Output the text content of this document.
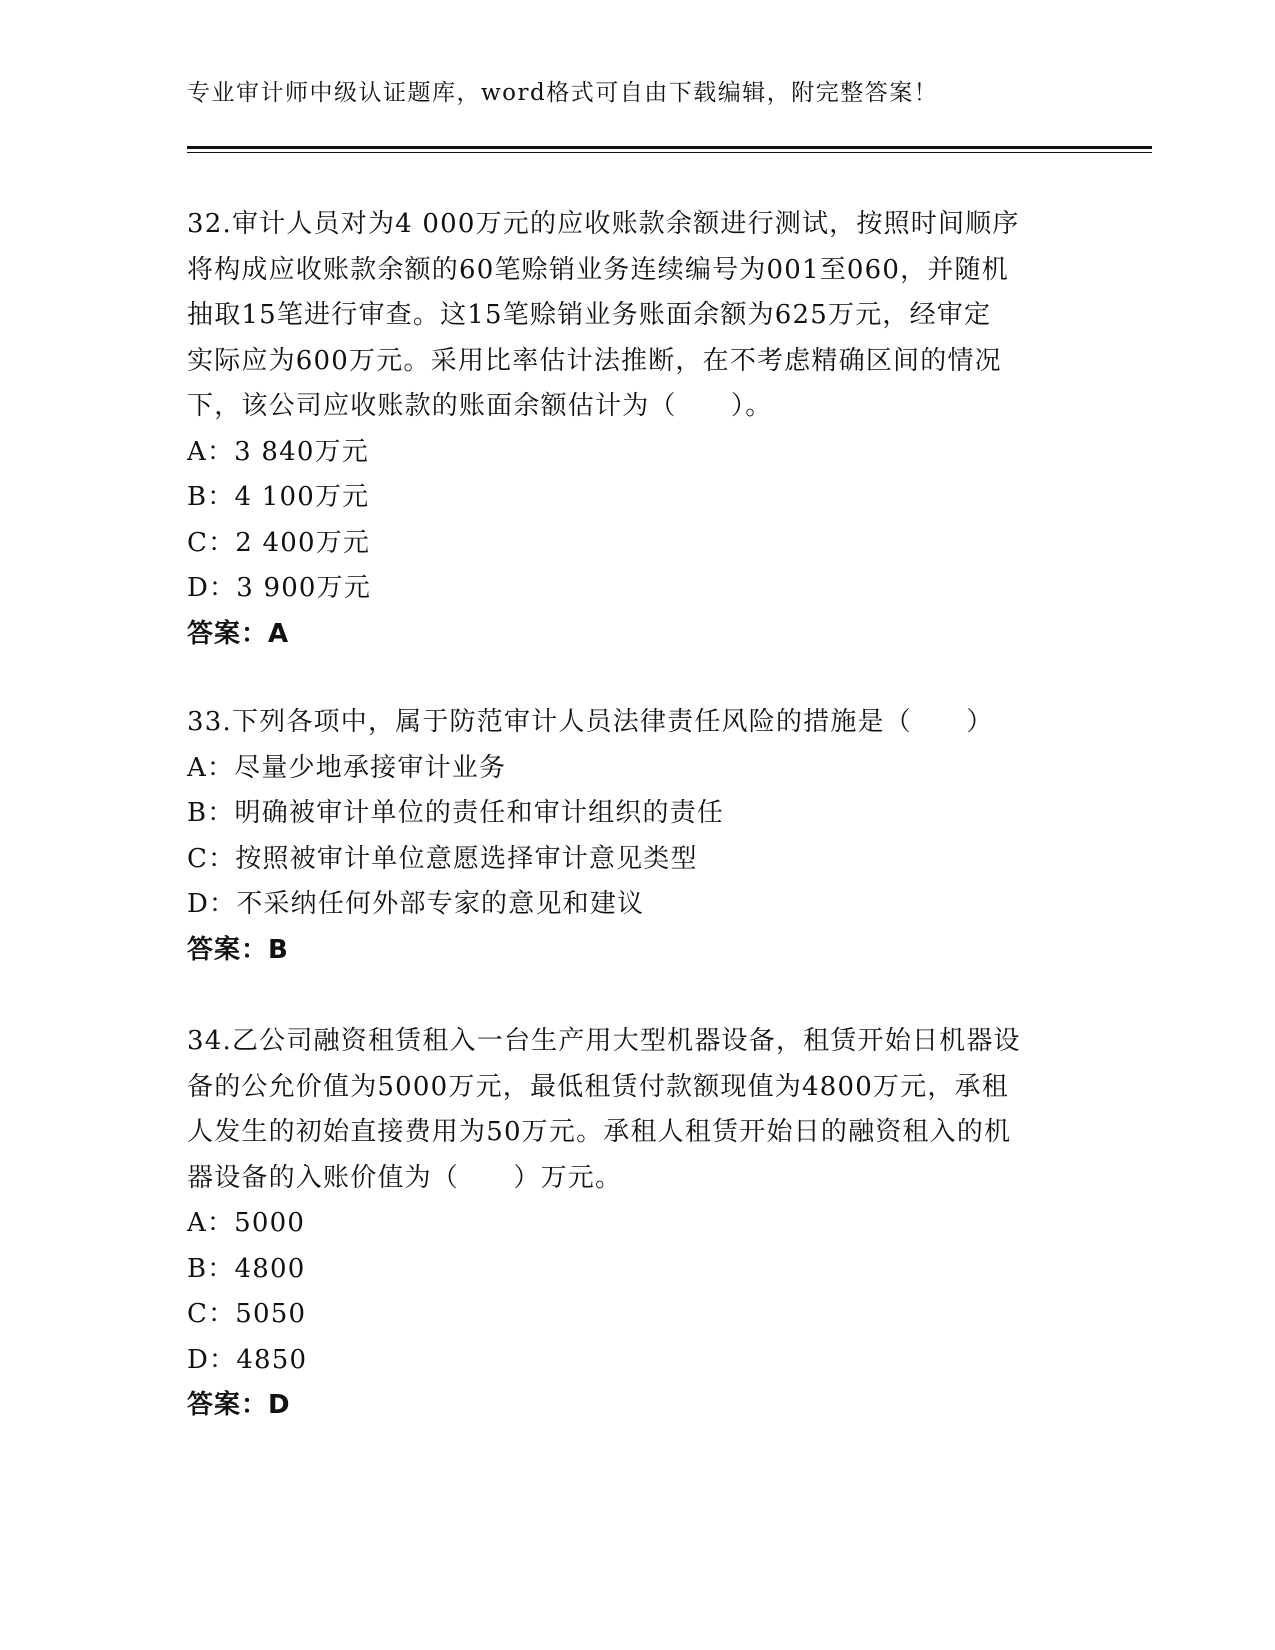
专业审计师中级认证题库，word格式可自由下载编辑，附完整答案！
32.审计人员对为4 000万元的应收账款余额进行测试，按照时间顺序
将构成应收账款余额的60笔赊销业务连续编号为001至060，并随机
抽取15笔进行审查。这15笔赊销业务账面余额为625万元，经审定
实际应为600万元。采用比率估计法推断，在不考虑精确区间的情况
下，该公司应收账款的账面余额估计为（　　）。
A：3 840万元
B：4 100万元
C：2 400万元
D：3 900万元
答案：A
33.下列各项中，属于防范审计人员法律责任风险的措施是（　　）
A：尽量少地承接审计业务
B：明确被审计单位的责任和审计组织的责任
C：按照被审计单位意愿选择审计意见类型
D：不采纳任何外部专家的意见和建议
答案：B
34.乙公司融资租赁租入一台生产用大型机器设备，租赁开始日机器设
备的公允价值为5000万元，最低租赁付款额现值为4800万元，承租
人发生的初始直接费用为50万元。承租人租赁开始日的融资租入的机
器设备的入账价值为（　　）万元。
A：5000
B：4800
C：5050
D：4850
答案：D
